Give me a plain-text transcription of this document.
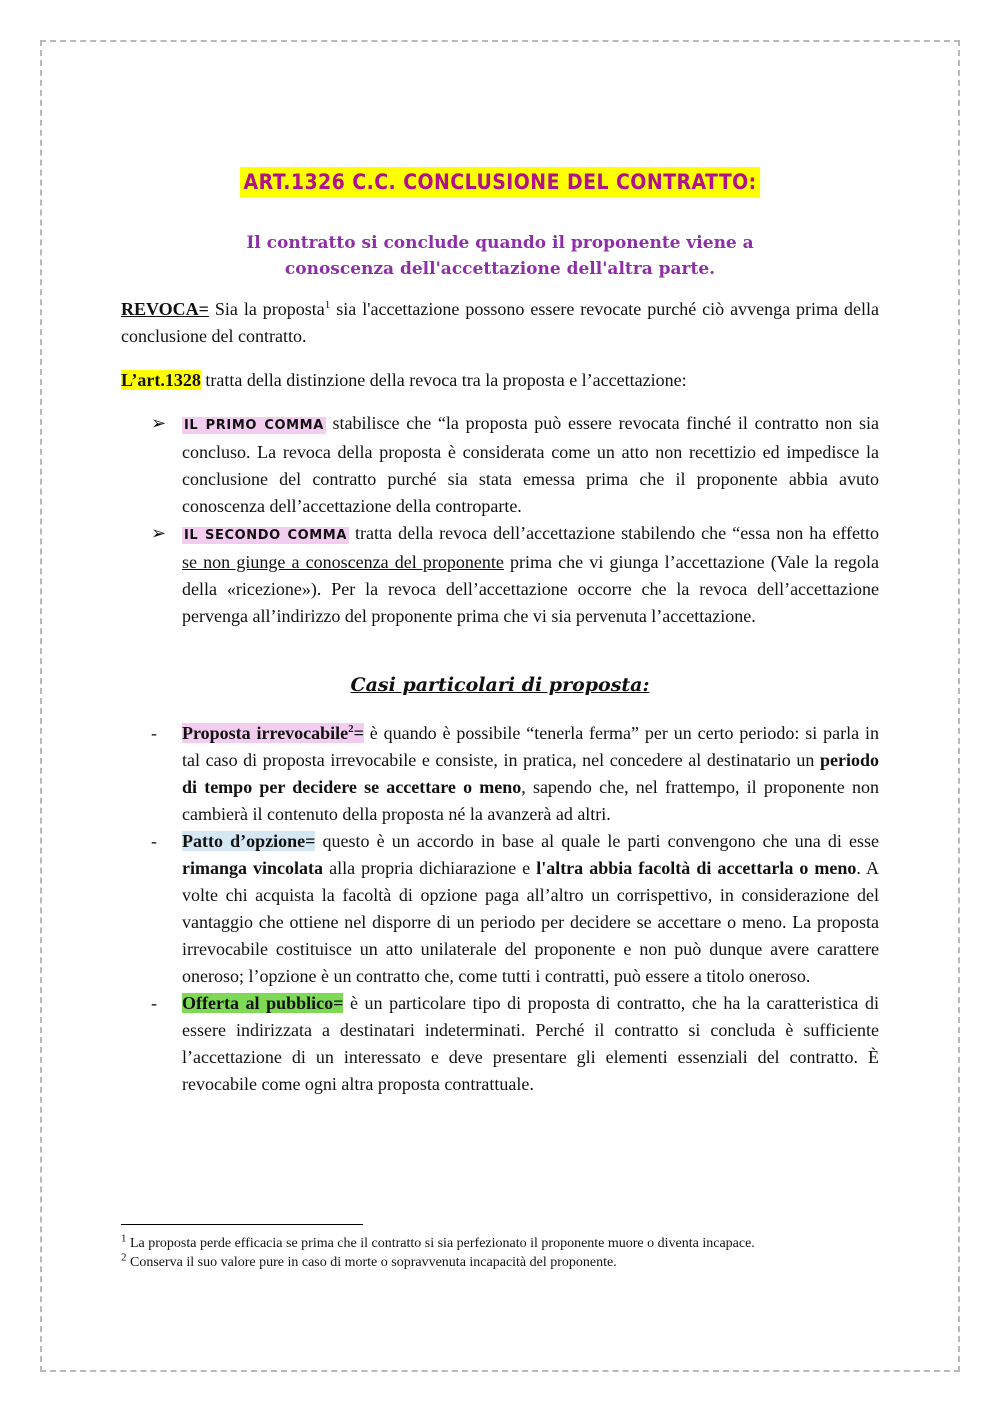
ART.1326 C.C. CONCLUSIONE DEL CONTRATTO:
Il contratto si conclude quando il proponente viene a
conoscenza dell'accettazione dell'altra parte.

REVOCA= Sia la proposta$^1$ sia l'accettazione possono essere revocate purché ciò avvenga prima della conclusione del contratto.

L’art.1328 tratta della distinzione della revoca tra la proposta e l’accettazione:

➢ IL PRIMO COMMA stabilisce che “la proposta può essere revocata finché il contratto non sia concluso. La revoca della proposta è considerata come un atto non recettizio ed impedisce la conclusione del contratto purché sia stata emessa prima che il proponente abbia avuto conoscenza dell’accettazione della controparte.
➢ IL SECONDO COMMA tratta della revoca dell’accettazione stabilendo che “essa non ha effetto se non giunge a conoscenza del proponente prima che vi giunga l’accettazione (Vale la regola della «ricezione»). Per la revoca dell’accettazione occorre che la revoca dell’accettazione pervenga all’indirizzo del proponente prima che vi sia pervenuta l’accettazione.
Casi particolari di proposta:
- Proposta irrevocabile$^2$= è quando è possibile “tenerla ferma” per un certo periodo: si parla in tal caso di proposta irrevocabile e consiste, in pratica, nel concedere al destinatario un periodo di tempo per decidere se accettare o meno, sapendo che, nel frattempo, il proponente non cambierà il contenuto della proposta né la avanzerà ad altri.
- Patto d’opzione= questo è un accordo in base al quale le parti convengono che una di esse rimanga vincolata alla propria dichiarazione e l'altra abbia facoltà di accettarla o meno. A volte chi acquista la facoltà di opzione paga all’altro un corrispettivo, in considerazione del vantaggio che ottiene nel disporre di un periodo per decidere se accettare o meno. La proposta irrevocabile costituisce un atto unilaterale del proponente e non può dunque avere carattere oneroso; l’opzione è un contratto che, come tutti i contratti, può essere a titolo oneroso.
- Offerta al pubblico= è un particolare tipo di proposta di contratto, che ha la caratteristica di essere indirizzata a destinatari indeterminati. Perché il contratto si concluda è sufficiente l’accettazione di un interessato e deve presentare gli elementi essenziali del contratto. È revocabile come ogni altra proposta contrattuale.
$^1$ La proposta perde efficacia se prima che il contratto si sia perfezionato il proponente muore o diventa incapace.
$^2$ Conserva il suo valore pure in caso di morte o sopravvenuta incapacità del proponente.
